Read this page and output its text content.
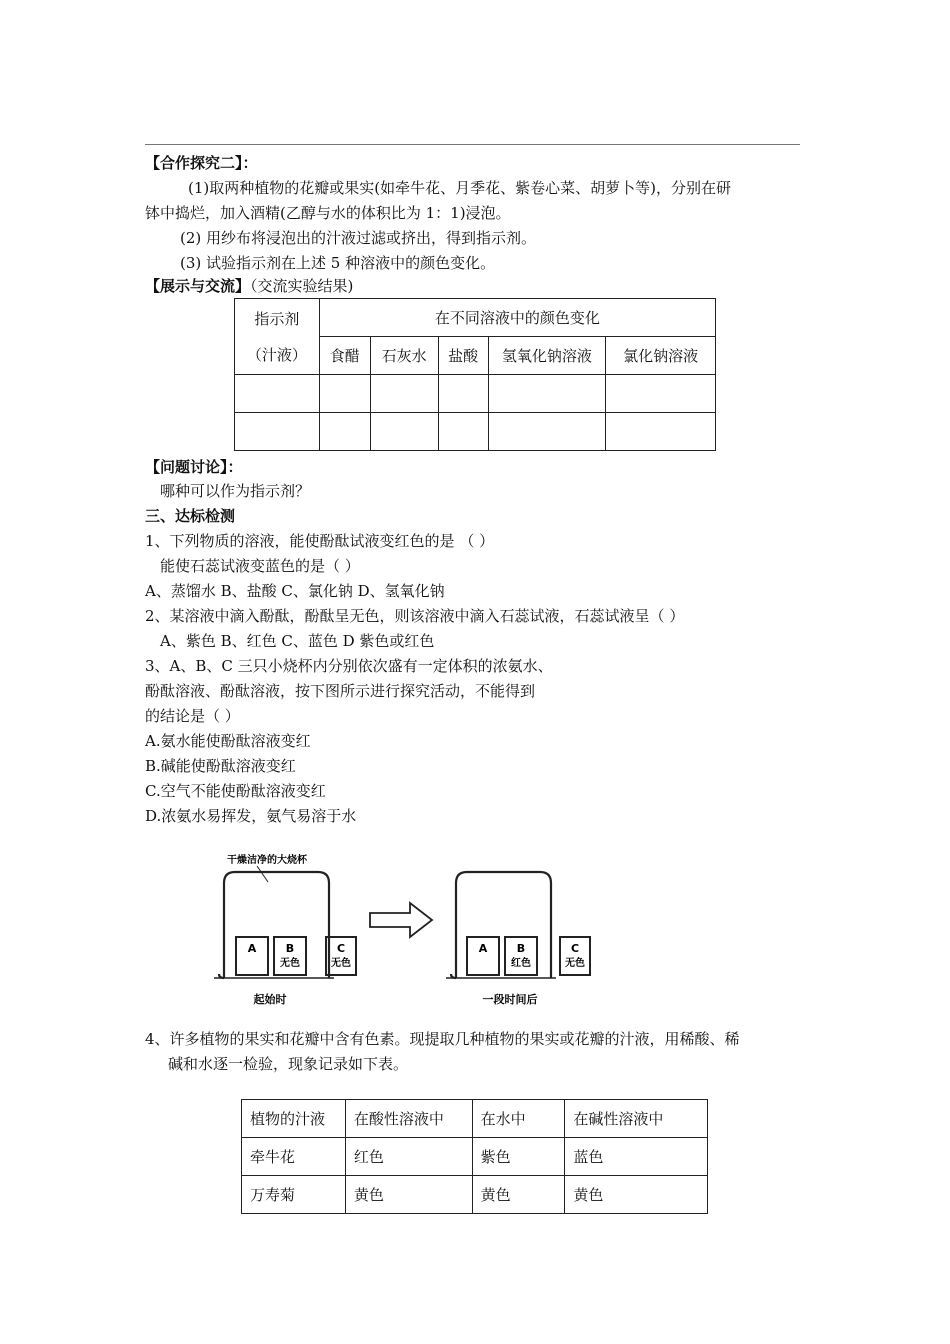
【合作探究二】：
(1)取两种植物的花瓣或果实(如牵牛花、月季花、紫卷心菜、胡萝卜等)，分别在研
钵中捣烂，加入酒精(乙醇与水的体积比为 1：1)浸泡。
(2) 用纱布将浸泡出的汁液过滤或挤出，得到指示剂。
(3) 试验指示剂在上述 5 种溶液中的颜色变化。
【展示与交流】（交流实验结果)
指示剂
（汁液）	在不同溶液中的颜色变化				
	食醋	石灰水	盐酸	氢氧化钠溶液	氯化钠溶液

【问题讨论】：
哪种可以作为指示剂？
三、达标检测
1、下列物质的溶液，能使酚酞试液变红色的是 （ ）
能使石蕊试液变蓝色的是（ ）
A、蒸馏水 B、盐酸 C、氯化钠 D、氢氧化钠
2、某溶液中滴入酚酞，酚酞呈无色，则该溶液中滴入石蕊试液，石蕊试液呈（ ）
A、紫色 B、红色 C、蓝色 D 紫色或红色
3、A、B、C 三只小烧杯内分别依次盛有一定体积的浓氨水、
酚酞溶液、酚酞溶液，按下图所示进行探究活动，不能得到
的结论是（ ）
A.氨水能使酚酞溶液变红
B.碱能使酚酞溶液变红
C.空气不能使酚酞溶液变红
D.浓氨水易挥发，氨气易溶于水
干燥洁净的大烧杯
A	B
无色
C
无色
A	B
红色
C
无色
起始时	一段时间后
4、许多植物的果实和花瓣中含有色素。现提取几种植物的果实或花瓣的汁液，用稀酸、稀
碱和水逐一检验，现象记录如下表。
植物的汁液	在酸性溶液中	在水中	在碱性溶液中
牵牛花	红色	紫色	蓝色
万寿菊	黄色	黄色	黄色
